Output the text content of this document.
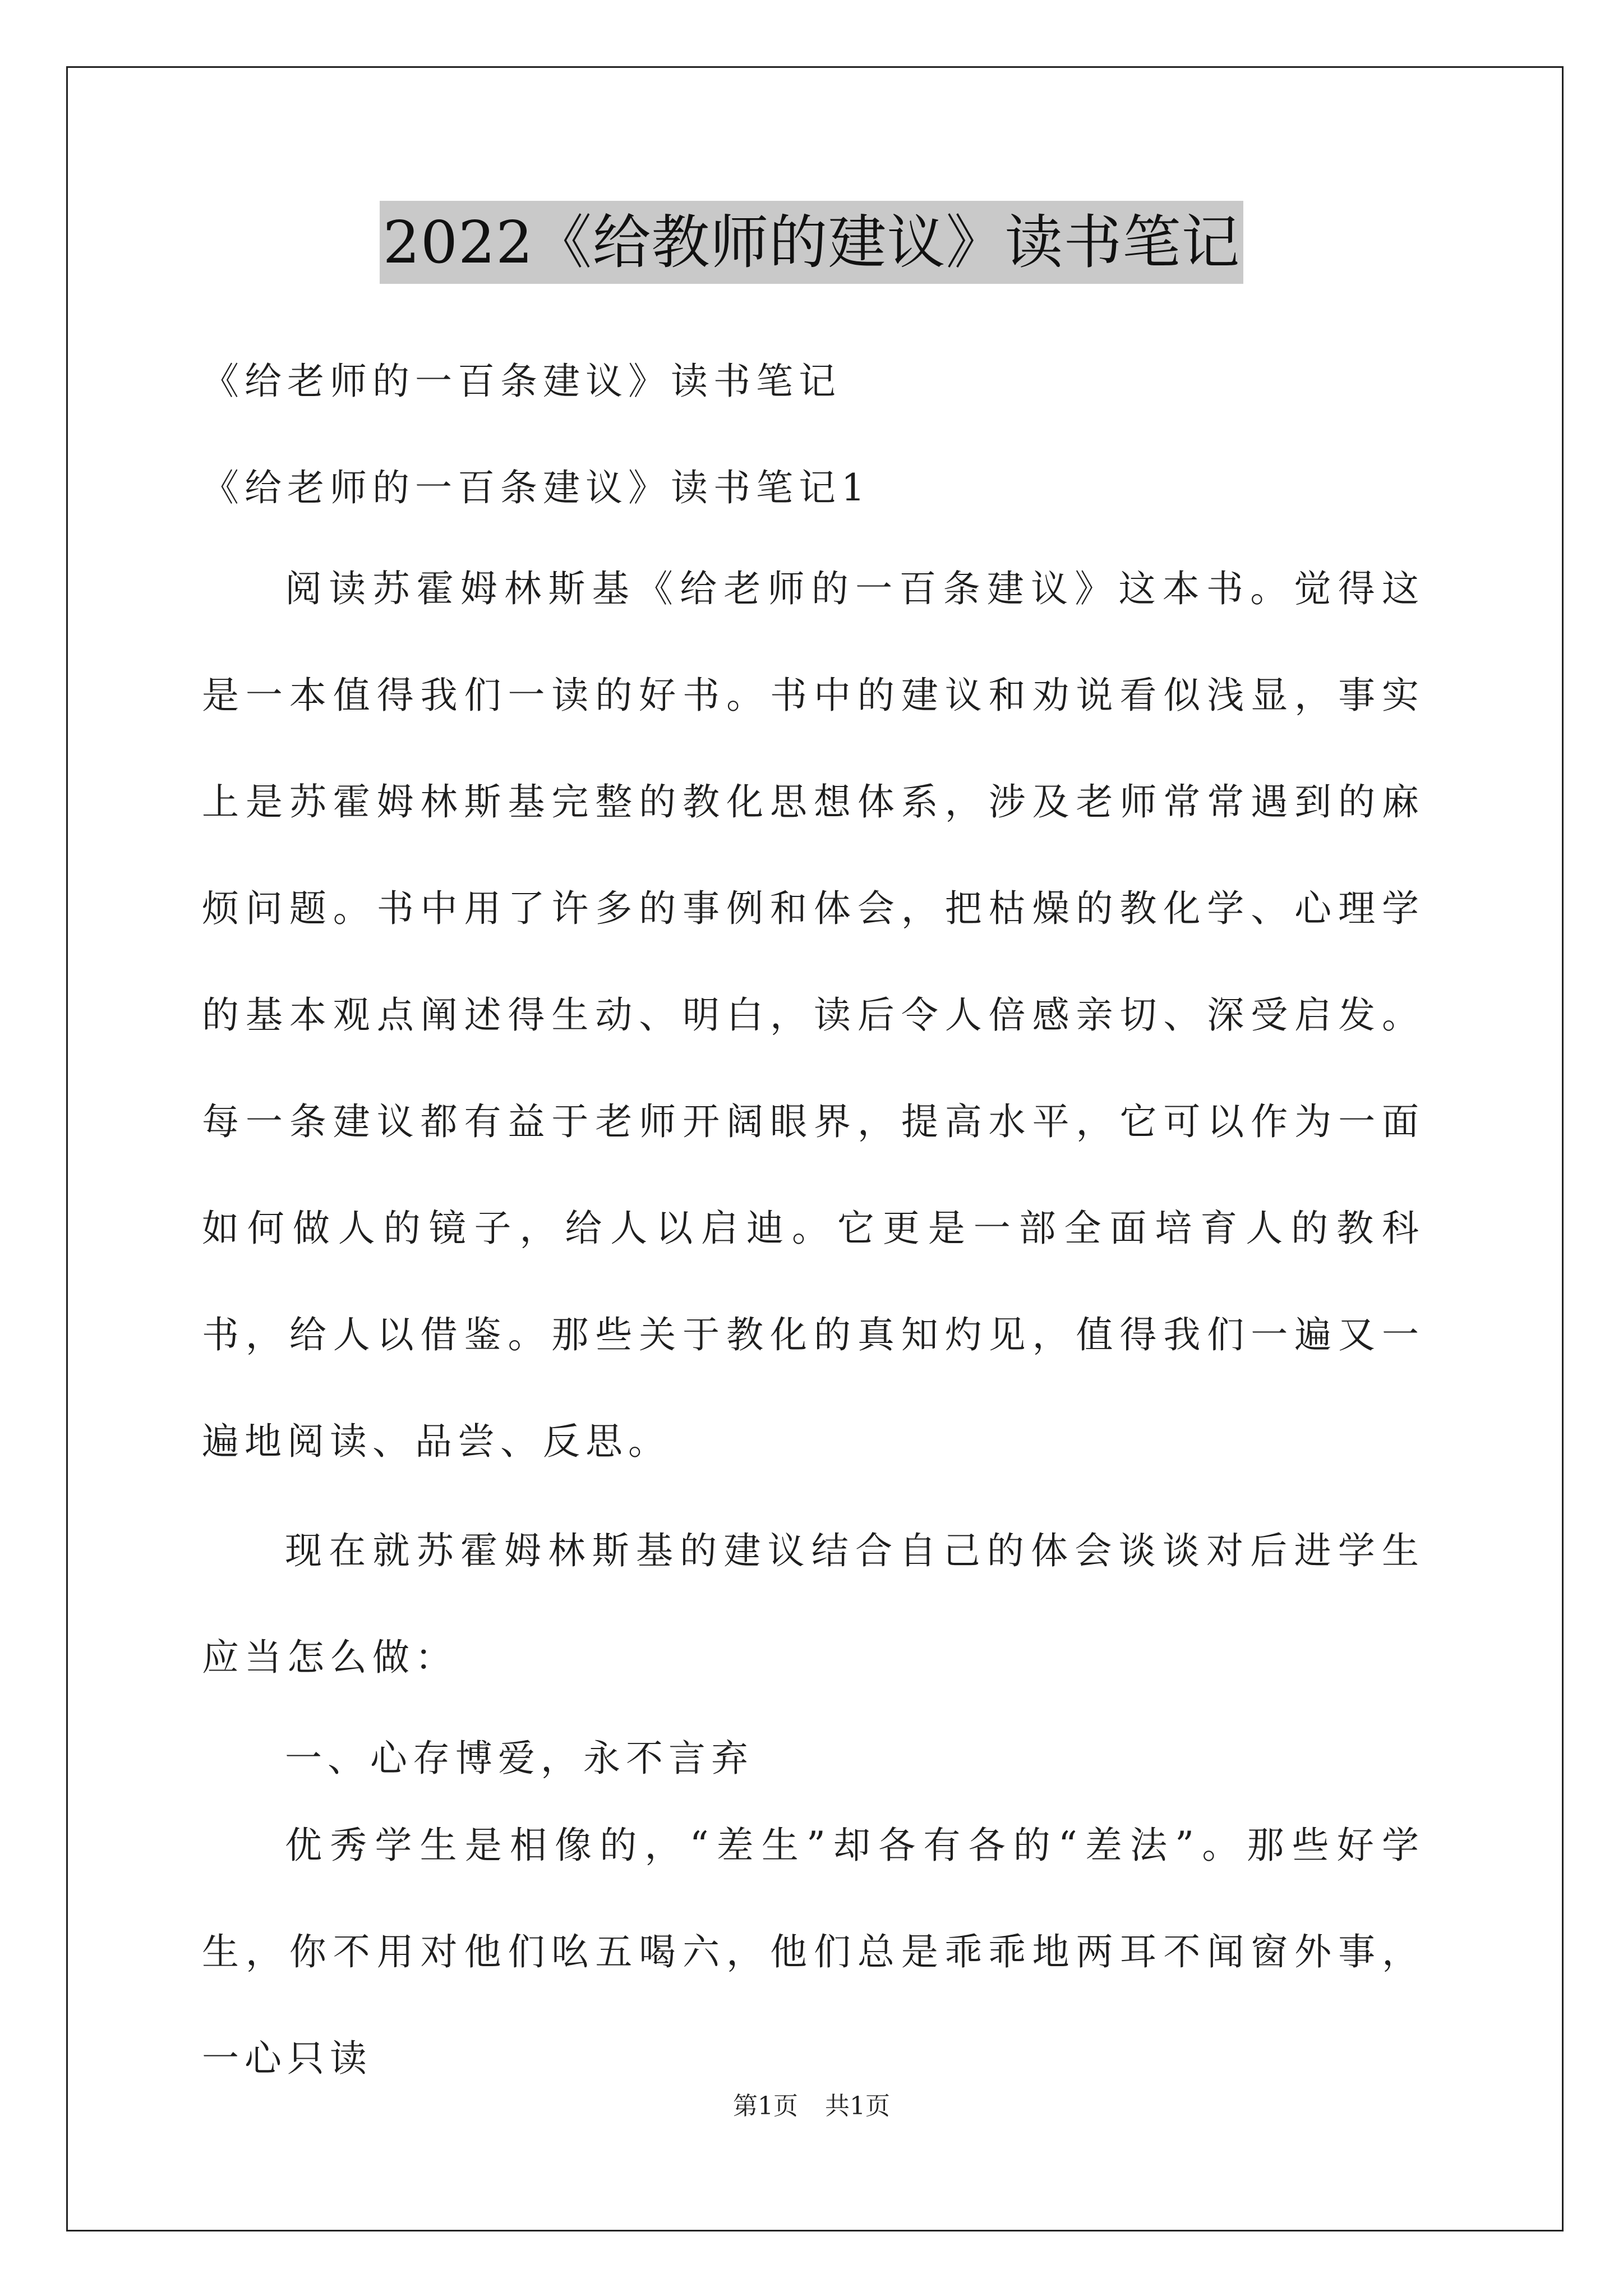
2022《给教师的建议》读书笔记
《给老师的一百条建议》读书笔记
《给老师的一百条建议》读书笔记1

阅读苏霍姆林斯基《给老师的一百条建议》这本书。觉得这是一本值得我们一读的好书。书中的建议和劝说看似浅显，事实上是苏霍姆林斯基完整的教化思想体系，涉及老师常常遇到的麻烦问题。书中用了许多的事例和体会，把枯燥的教化学、心理学的基本观点阐述得生动、明白，读后令人倍感亲切、深受启发。每一条建议都有益于老师开阔眼界，提高水平，它可以作为一面如何做人的镜子，给人以启迪。它更是一部全面培育人的教科书，给人以借鉴。那些关于教化的真知灼见，值得我们一遍又一遍地阅读、品尝、反思。

现在就苏霍姆林斯基的建议结合自己的体会谈谈对后进学生应当怎么做：

一、心存博爱，永不言弃

优秀学生是相像的，“差生”却各有各的“差法”。那些好学生，你不用对他们吆五喝六，他们总是乖乖地两耳不闻窗外事，一心只读

第1页 共1页
